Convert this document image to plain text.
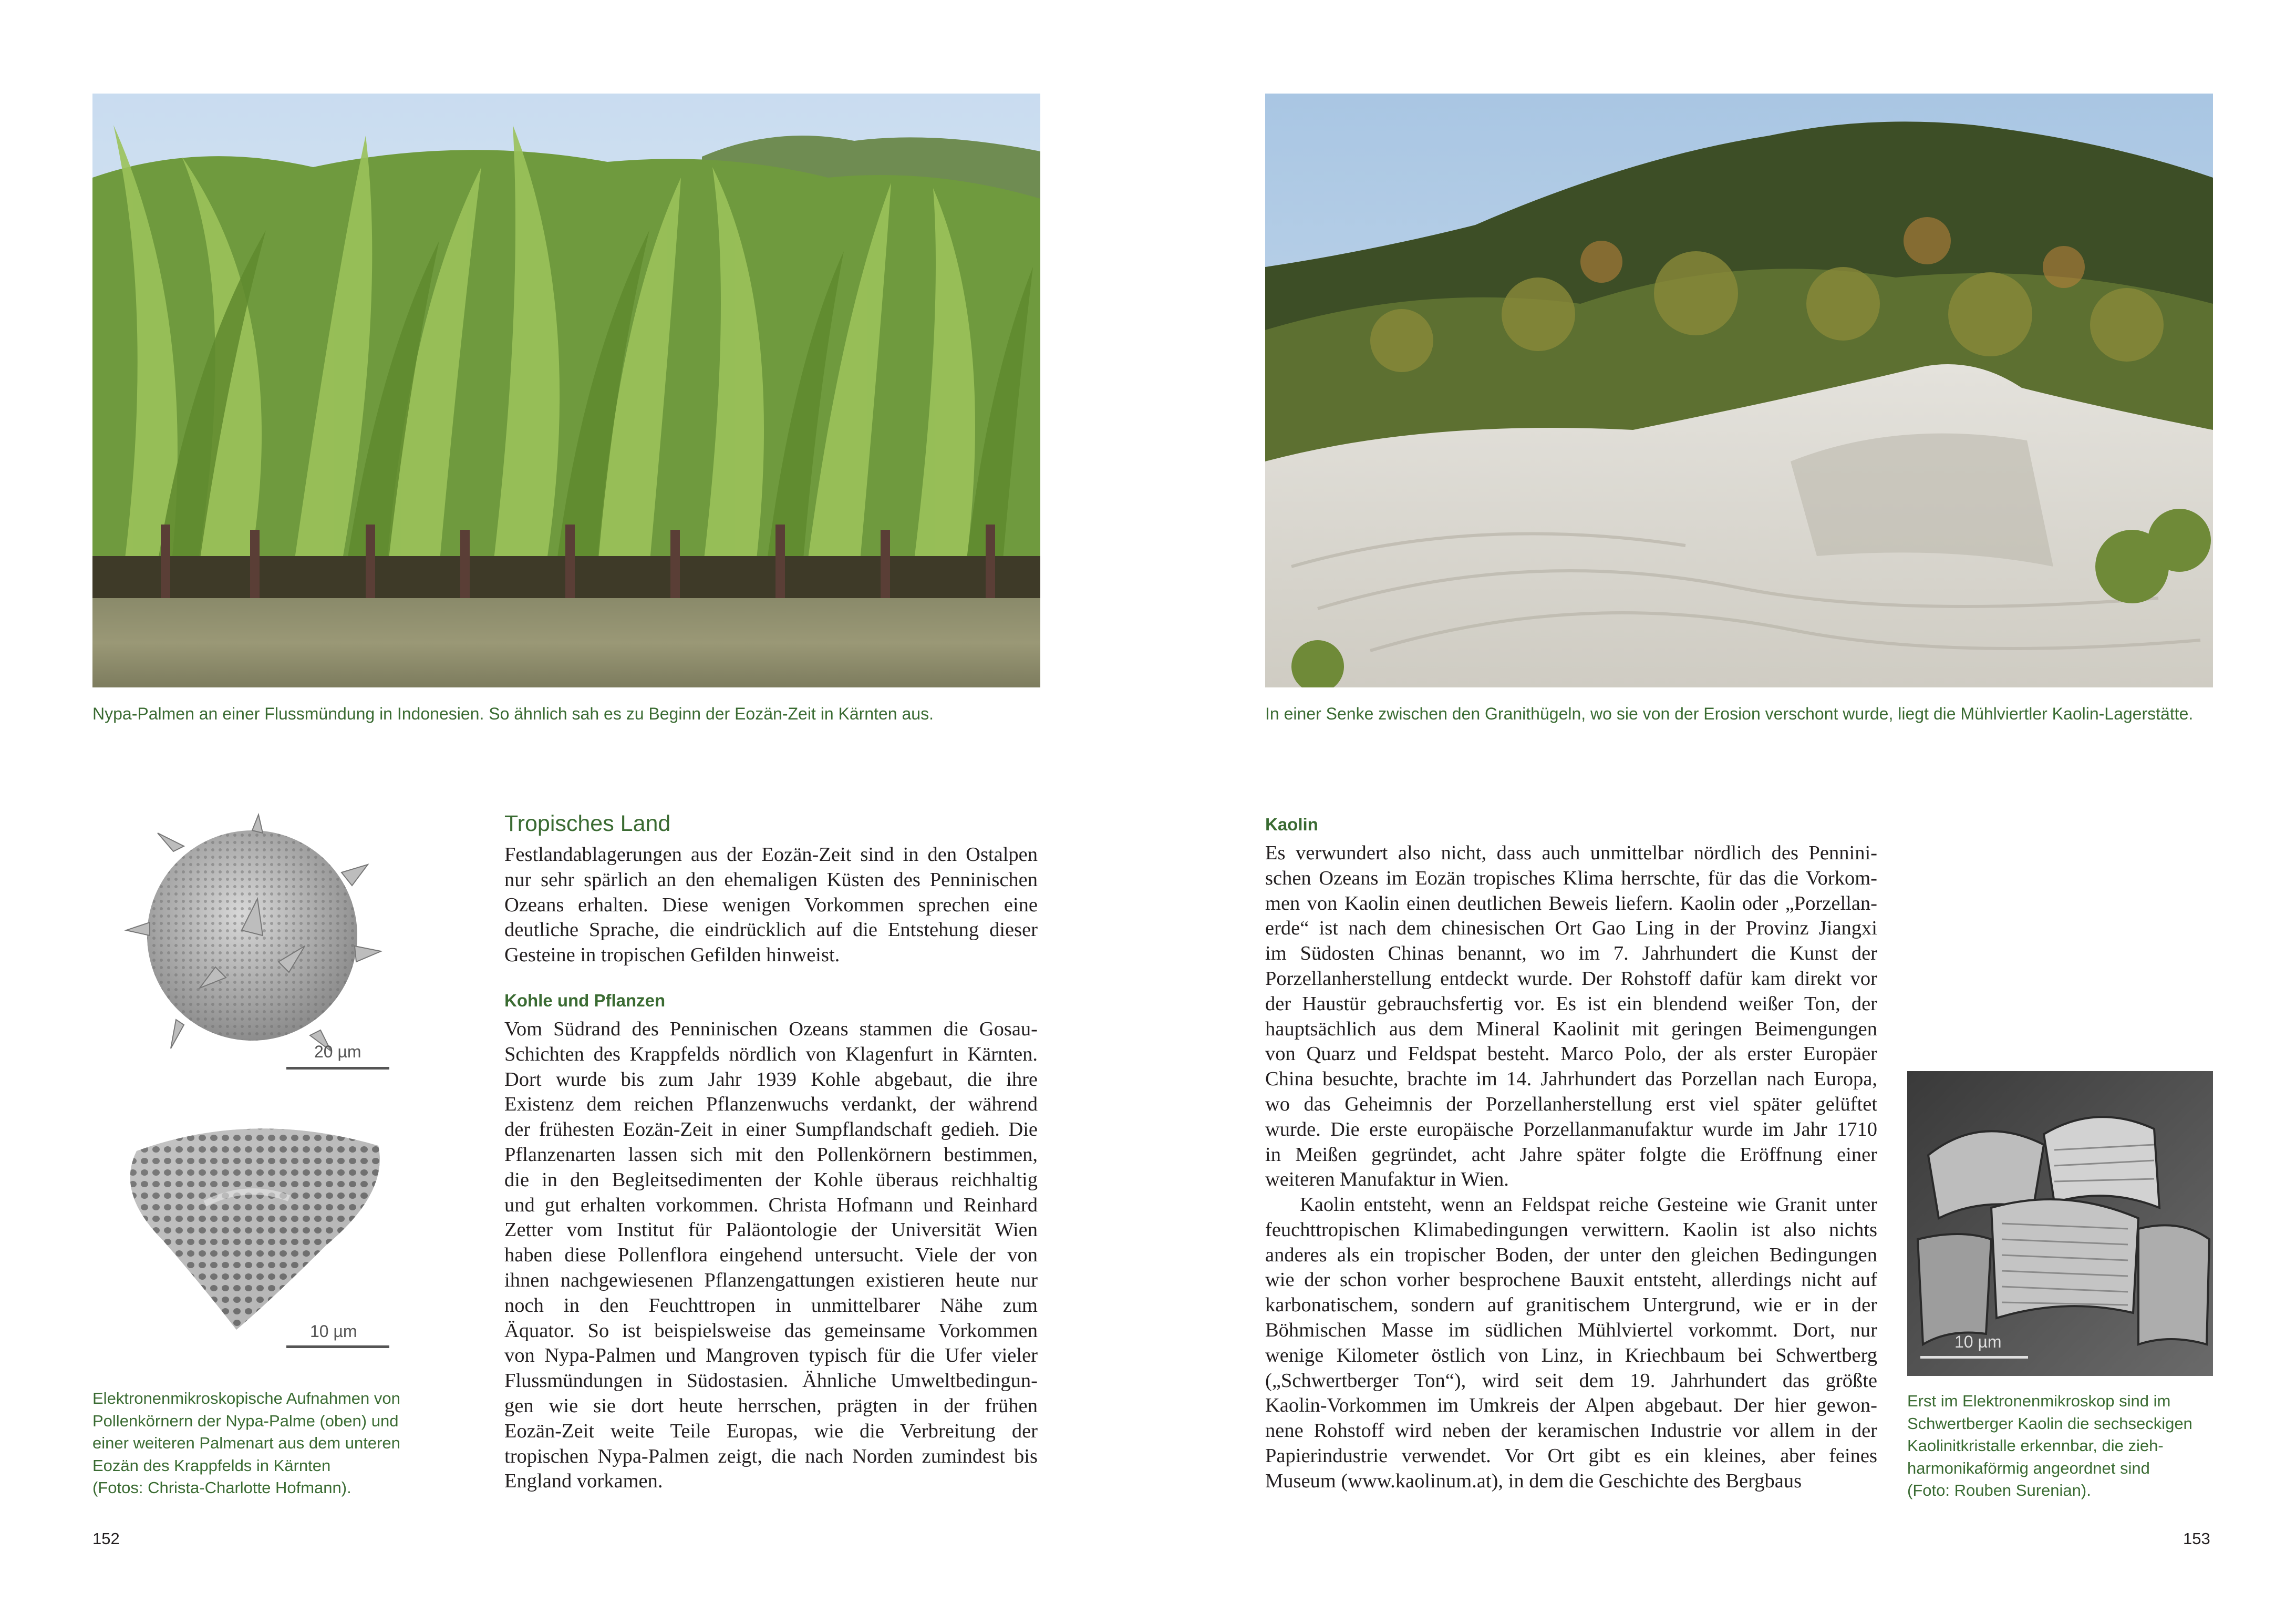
Nypa-Palmen an einer Flussmündung in Indonesien. So ähnlich sah es zu Beginn der Eozän-Zeit in Kärnten aus.
20 µm
10 µm
Elektronenmikroskopische Aufnahmen von
Pollenkörnern der Nypa-Palme (oben) und
einer weiteren Palmenart aus dem unteren
Eozän des Krappfelds in Kärnten
(Fotos: Christa-Charlotte Hofmann).
Tropisches Land
Festlandablagerungen aus der Eozän-Zeit sind in den Ostalpen
nur sehr spärlich an den ehemaligen Küsten des Penninischen
Ozeans erhalten. Diese wenigen Vorkommen sprechen eine
deutliche Sprache, die eindrücklich auf die Entstehung dieser
Gesteine in tropischen Gefilden hinweist.
Kohle und Pflanzen
Vom Südrand des Penninischen Ozeans stammen die Gosau-
Schichten des Krappfelds nördlich von Klagenfurt in Kärnten.
Dort wurde bis zum Jahr 1939 Kohle abgebaut, die ihre
Existenz dem reichen Pflanzenwuchs verdankt, der während
der frühesten Eozän-Zeit in einer Sumpflandschaft gedieh. Die
Pflanzenarten lassen sich mit den Pollenkörnern bestimmen,
die in den Begleitsedimenten der Kohle überaus reichhaltig
und gut erhalten vorkommen. Christa Hofmann und Reinhard
Zetter vom Institut für Paläontologie der Universität Wien
haben diese Pollenflora eingehend untersucht. Viele der von
ihnen nachgewiesenen Pflanzengattungen existieren heute nur
noch in den Feuchttropen in unmittelbarer Nähe zum
Äquator. So ist beispielsweise das gemeinsame Vorkommen
von Nypa-Palmen und Mangroven typisch für die Ufer vieler
Flussmündungen in Südostasien. Ähnliche Umweltbedingun-
gen wie sie dort heute herrschen, prägten in der frühen
Eozän-Zeit weite Teile Europas, wie die Verbreitung der
tropischen Nypa-Palmen zeigt, die nach Norden zumindest bis
England vorkamen.
152
In einer Senke zwischen den Granithügeln, wo sie von der Erosion verschont wurde, liegt die Mühlviertler Kaolin-Lagerstätte.
Kaolin
Es verwundert also nicht, dass auch unmittelbar nördlich des Pennini-
schen Ozeans im Eozän tropisches Klima herrschte, für das die Vorkom-
men von Kaolin einen deutlichen Beweis liefern. Kaolin oder „Porzellan-
erde“ ist nach dem chinesischen Ort Gao Ling in der Provinz Jiangxi
im Südosten Chinas benannt, wo im 7. Jahrhundert die Kunst der
Porzellanherstellung entdeckt wurde. Der Rohstoff dafür kam direkt vor
der Haustür gebrauchsfertig vor. Es ist ein blendend weißer Ton, der
hauptsächlich aus dem Mineral Kaolinit mit geringen Beimengungen
von Quarz und Feldspat besteht. Marco Polo, der als erster Europäer
China besuchte, brachte im 14. Jahrhundert das Porzellan nach Europa,
wo das Geheimnis der Porzellanherstellung erst viel später gelüftet
wurde. Die erste europäische Porzellanmanufaktur wurde im Jahr 1710
in Meißen gegründet, acht Jahre später folgte die Eröffnung einer
weiteren Manufaktur in Wien.
Kaolin entsteht, wenn an Feldspat reiche Gesteine wie Granit unter
feuchttropischen Klimabedingungen verwittern. Kaolin ist also nichts
anderes als ein tropischer Boden, der unter den gleichen Bedingungen
wie der schon vorher besprochene Bauxit entsteht, allerdings nicht auf
karbonatischem, sondern auf granitischem Untergrund, wie er in der
Böhmischen Masse im südlichen Mühlviertel vorkommt. Dort, nur
wenige Kilometer östlich von Linz, in Kriechbaum bei Schwertberg
(„Schwertberger Ton“), wird seit dem 19. Jahrhundert das größte
Kaolin-Vorkommen im Umkreis der Alpen abgebaut. Der hier gewon-
nene Rohstoff wird neben der keramischen Industrie vor allem in der
Papierindustrie verwendet. Vor Ort gibt es ein kleines, aber feines
Museum (www.kaolinum.at), in dem die Geschichte des Bergbaus
10 µm
Erst im Elektronenmikroskop sind im
Schwertberger Kaolin die sechseckigen
Kaolinitkristalle erkennbar, die zieh-
harmonikaförmig angeordnet sind
(Foto: Rouben Surenian).
153
